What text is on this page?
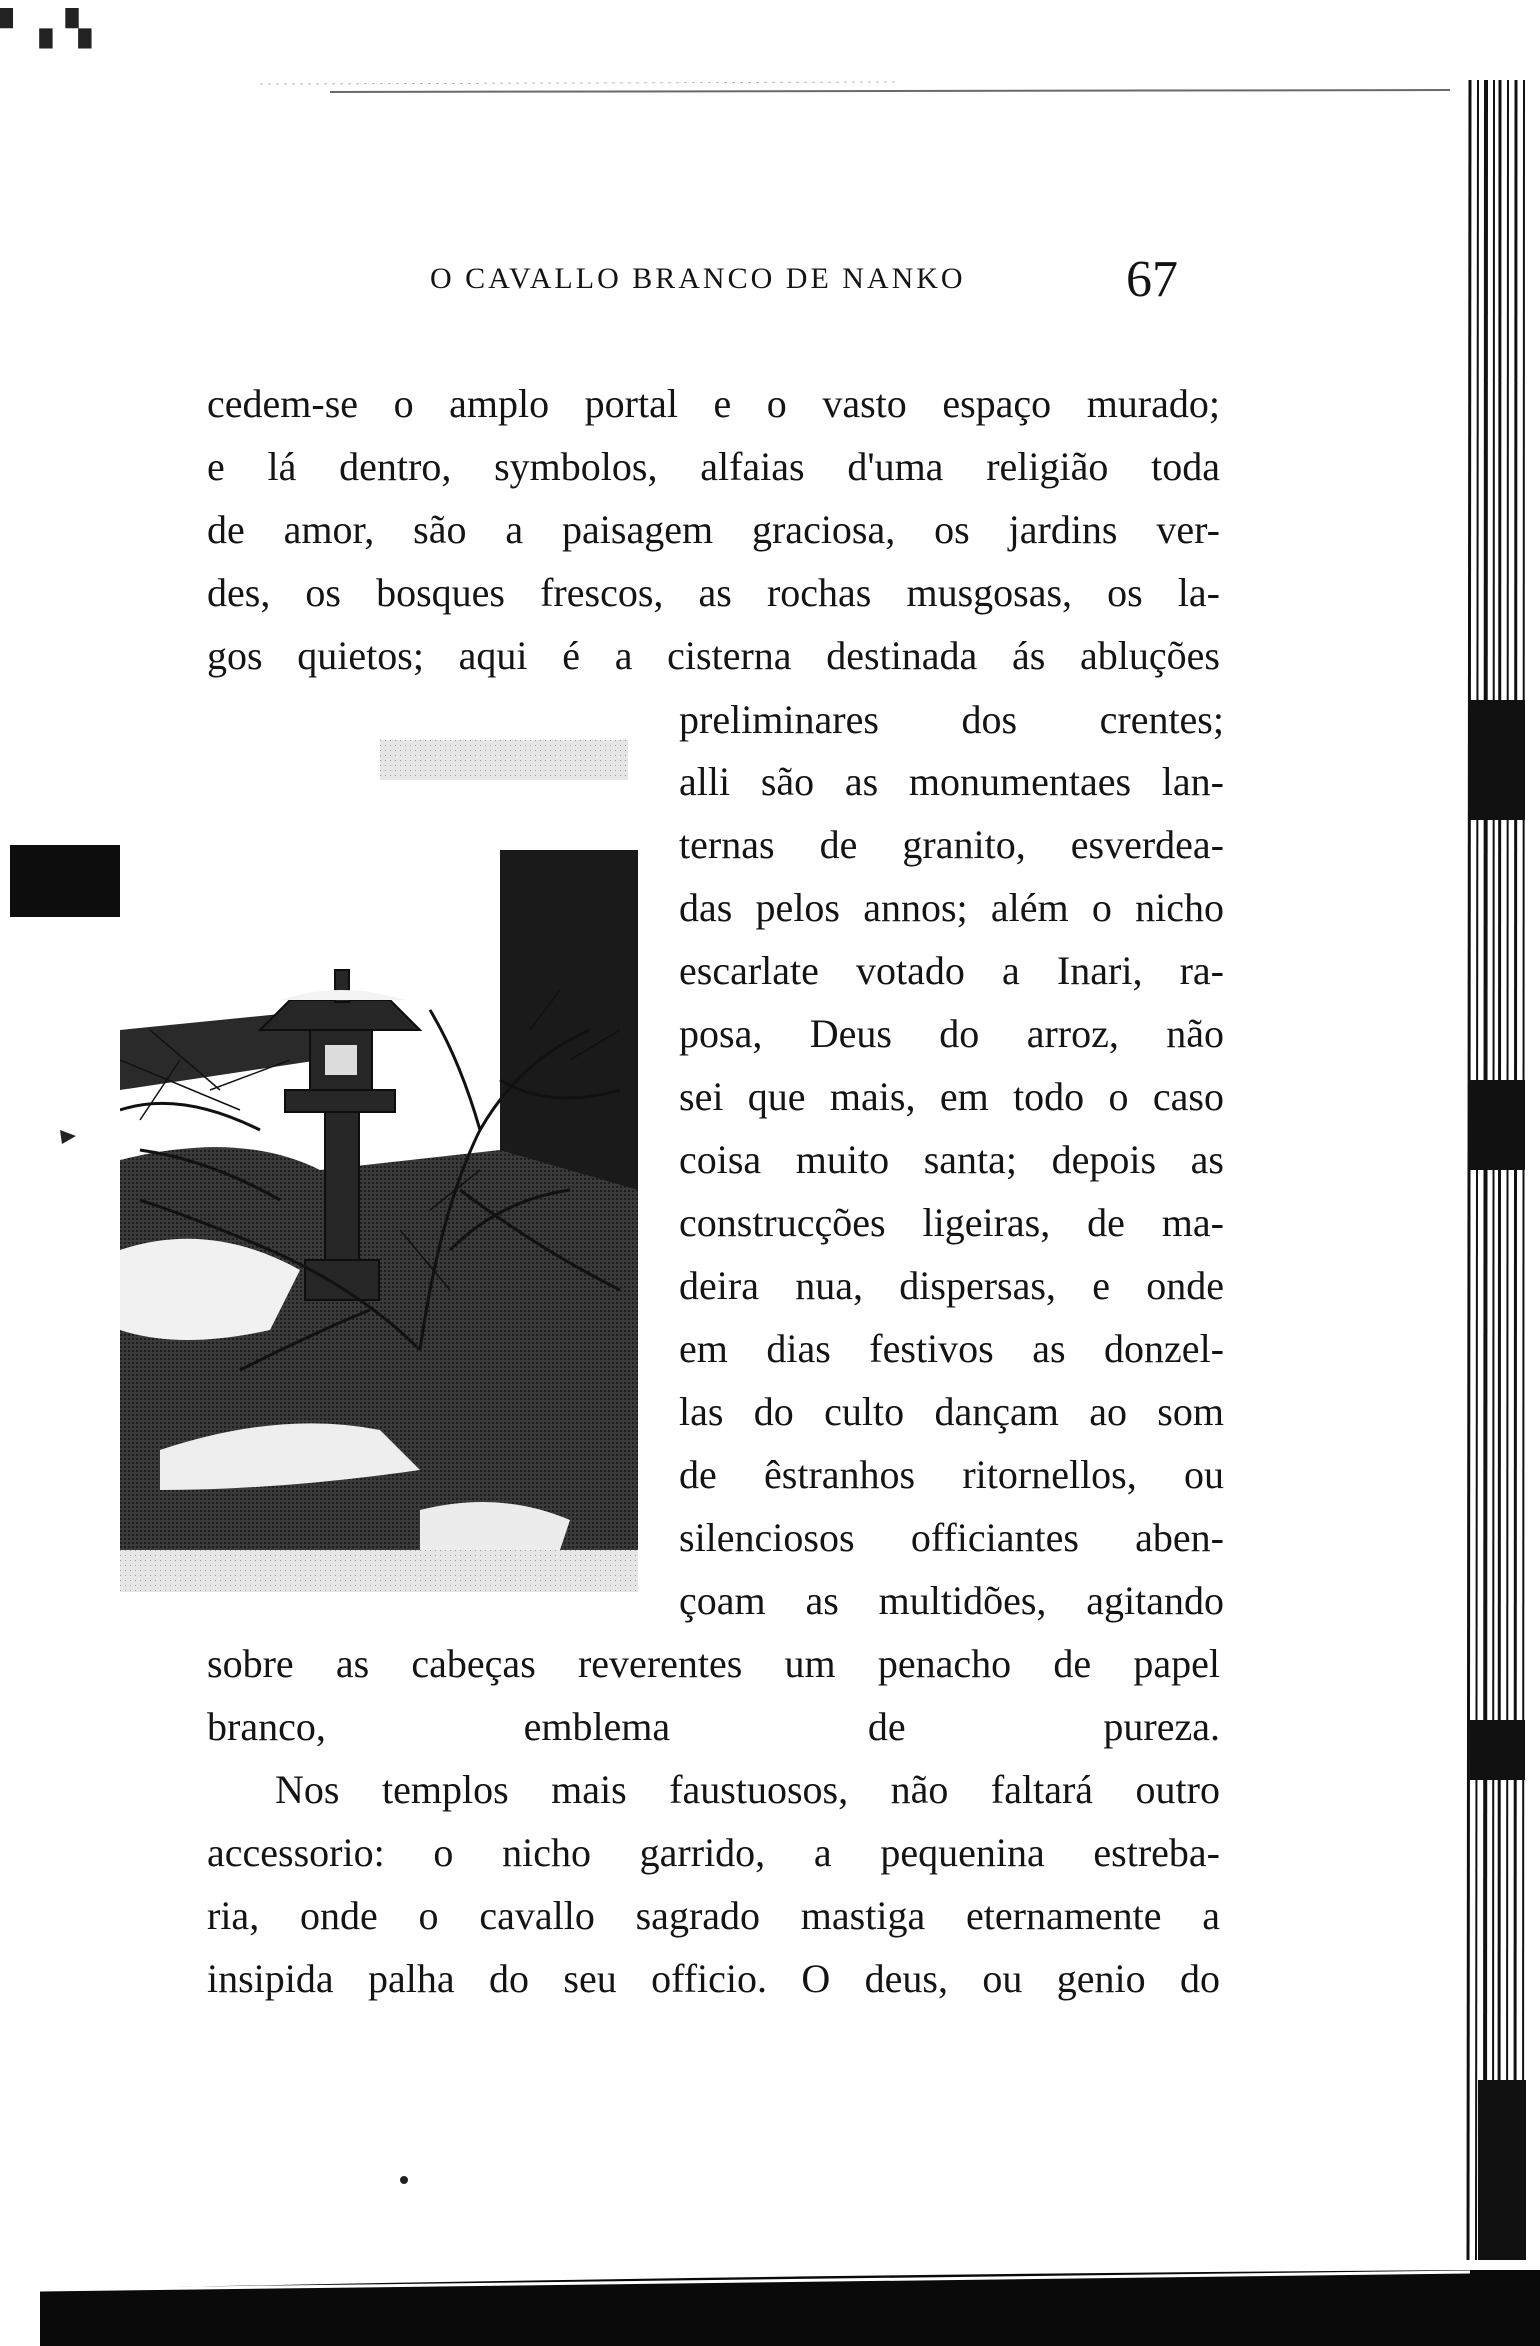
▘▗▝▖
O CAVALLO BRANCO DE NANKO	67
cedem-se o amplo portal e o vasto espaço murado;
e lá dentro, symbolos, alfaias d'uma religião toda
de amor, são a paisagem graciosa, os jardins ver-
des, os bosques frescos, as rochas musgosas, os la-
gos quietos; aqui é a cisterna destinada ás abluções
preliminares dos crentes;
alli são as monumentaes lan-
ternas de granito, esverdea-
das pelos annos; além o nicho
escarlate votado a Inari, ra-
posa, Deus do arroz, não
sei que mais, em todo o caso
coisa muito santa; depois as
construcções ligeiras, de ma-
deira nua, dispersas, e onde
em dias festivos as donzel-
las do culto dançam ao som
de êstranhos ritornellos, ou
silenciosos officiantes aben-
çoam as multidões, agitando
sobre as cabeças reverentes um penacho de papel
branco, emblema de pureza.
Nos templos mais faustuosos, não faltará outro
accessorio: o nicho garrido, a pequenina estreba-
ria, onde o cavallo sagrado mastiga eternamente a
insipida palha do seu officio. O deus, ou genio do
